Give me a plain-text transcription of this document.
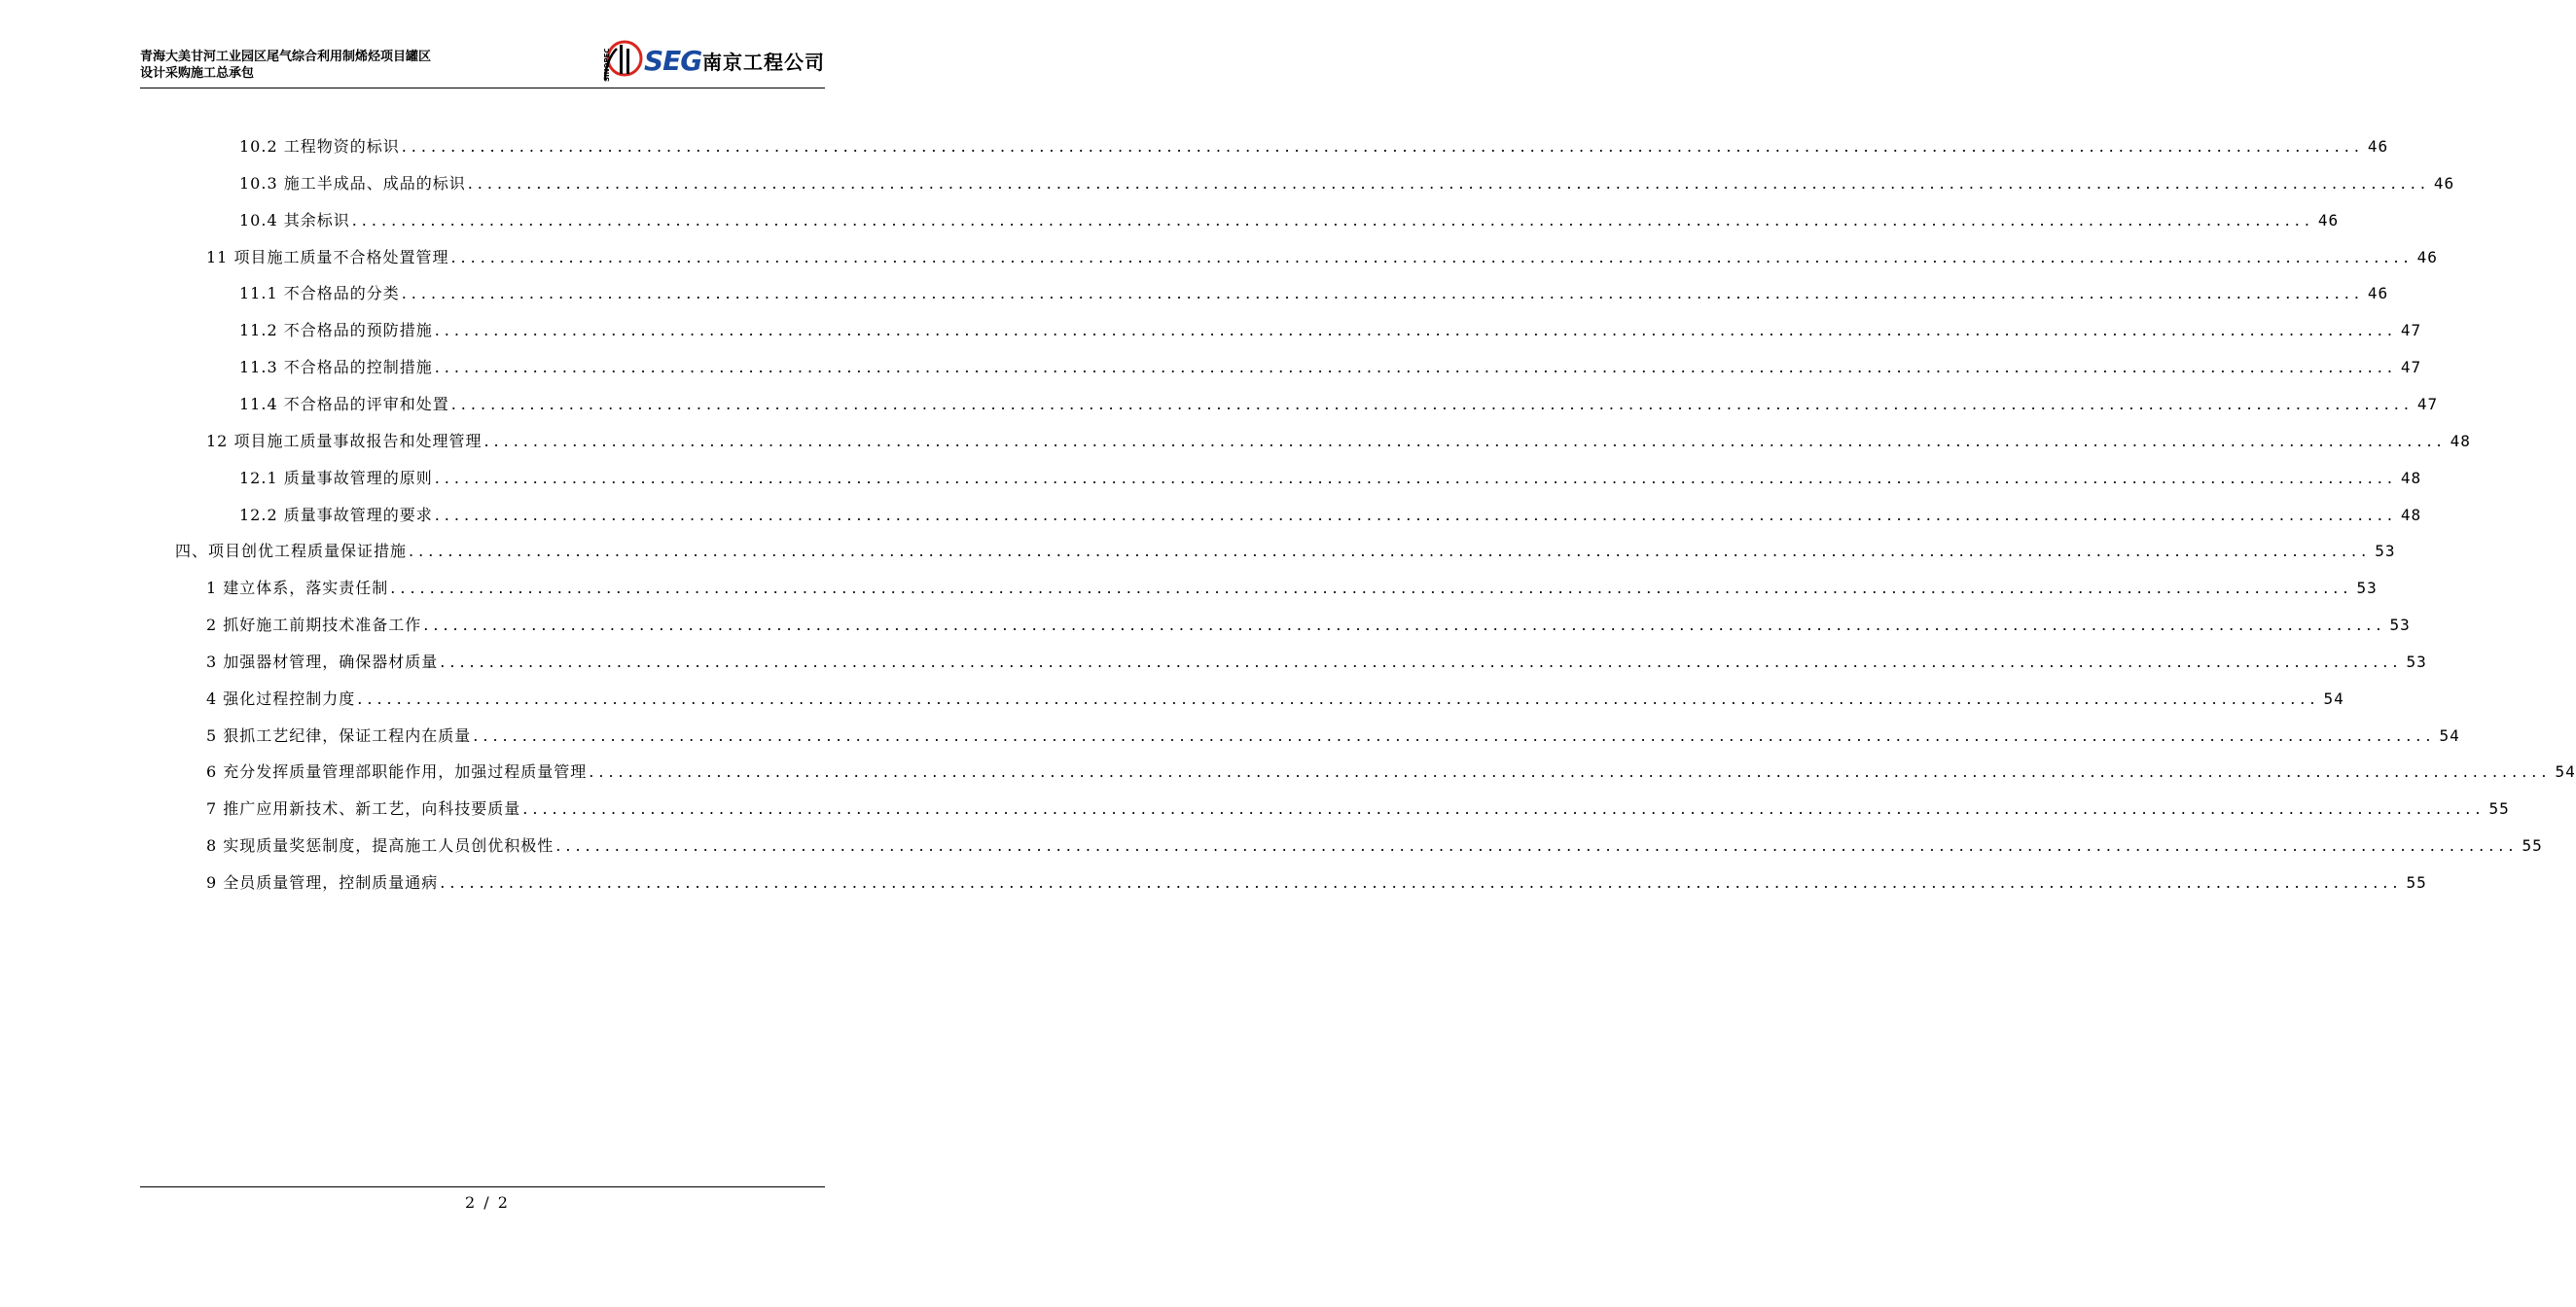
青海大美甘河工业园区尾气综合利用制烯烃项目罐区
设计采购施工总承包	SINOPEC SEG 南京工程公司
10.2 工程物资的标识 ........................................................................................................................................................................................................ 46
10.3 施工半成品、成品的标识 ........................................................................................................................................................................................................ 46
10.4 其余标识 ........................................................................................................................................................................................................ 46
11 项目施工质量不合格处置管理 ........................................................................................................................................................................................................ 46
11.1 不合格品的分类 ........................................................................................................................................................................................................ 46
11.2 不合格品的预防措施 ........................................................................................................................................................................................................ 47
11.3 不合格品的控制措施 ........................................................................................................................................................................................................ 47
11.4 不合格品的评审和处置 ........................................................................................................................................................................................................ 47
12 项目施工质量事故报告和处理管理 ........................................................................................................................................................................................................ 48
12.1 质量事故管理的原则 ........................................................................................................................................................................................................ 48
12.2 质量事故管理的要求 ........................................................................................................................................................................................................ 48
四、项目创优工程质量保证措施 ........................................................................................................................................................................................................ 53
1 建立体系，落实责任制 ........................................................................................................................................................................................................ 53
2 抓好施工前期技术准备工作 ........................................................................................................................................................................................................ 53
3 加强器材管理，确保器材质量 ........................................................................................................................................................................................................ 53
4 强化过程控制力度 ........................................................................................................................................................................................................ 54
5 狠抓工艺纪律，保证工程内在质量 ........................................................................................................................................................................................................ 54
6 充分发挥质量管理部职能作用，加强过程质量管理 ........................................................................................................................................................................................................ 54
7 推广应用新技术、新工艺，向科技要质量 ........................................................................................................................................................................................................ 55
8 实现质量奖惩制度，提高施工人员创优积极性 ........................................................................................................................................................................................................ 55
9 全员质量管理，控制质量通病 ........................................................................................................................................................................................................ 55
2 / 2
